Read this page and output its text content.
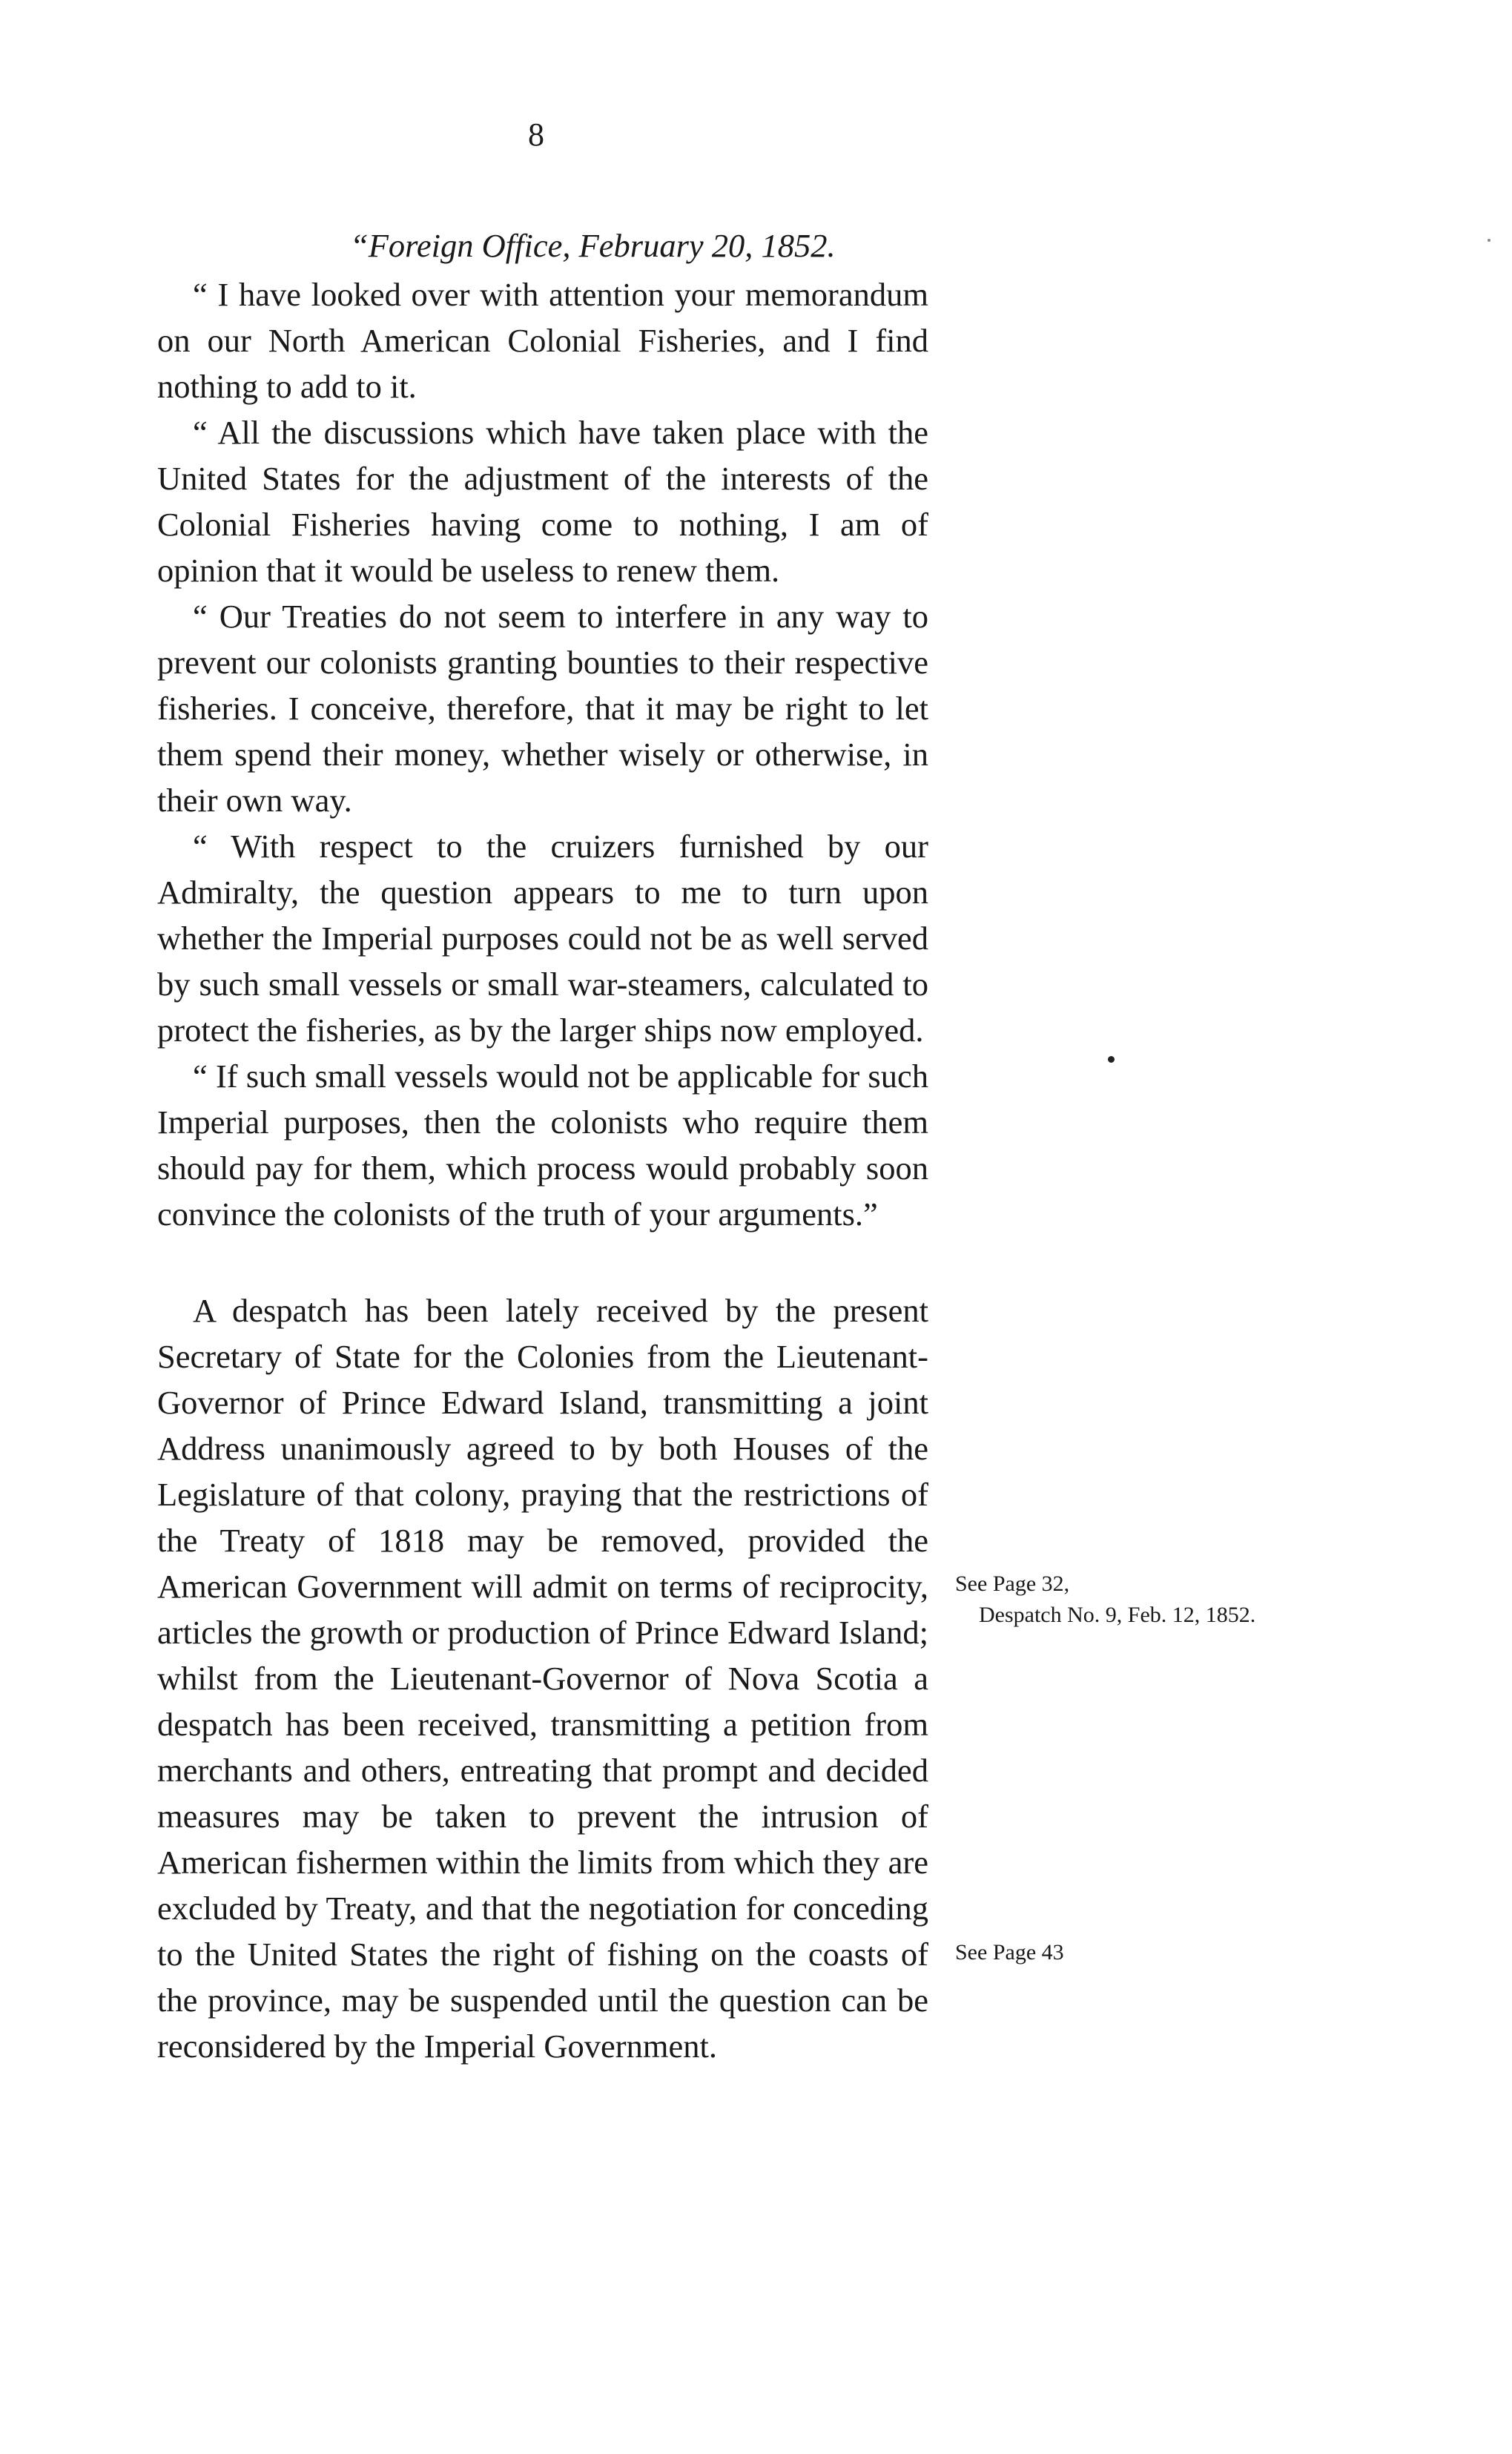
8

“Foreign Office, February 20, 1852.

“ I have looked over with attention your memorandum on our North American Colonial Fisheries, and I find nothing to add to it.

“ All the discussions which have taken place with the United States for the adjustment of the interests of the Colonial Fisheries having come to nothing, I am of opinion that it would be useless to renew them.

“ Our Treaties do not seem to interfere in any way to prevent our colonists granting bounties to their respective fisheries. I conceive, therefore, that it may be right to let them spend their money, whether wisely or otherwise, in their own way.

“ With respect to the cruizers furnished by our Admiralty, the question appears to me to turn upon whether the Imperial purposes could not be as well served by such small vessels or small war-steamers, calculated to protect the fisheries, as by the larger ships now employed.

“ If such small vessels would not be applicable for such Imperial purposes, then the colonists who require them should pay for them, which process would probably soon convince the colonists of the truth of your arguments.”

A despatch has been lately received by the present Secretary of State for the Colonies from the Lieutenant-Governor of Prince Edward Island, transmitting a joint Address unanimously agreed to by both Houses of the Legislature of that colony, praying that the restrictions of the Treaty of 1818 may be removed, provided the American Government will admit on terms of reciprocity, articles the growth or production of Prince Edward Island; whilst from the Lieutenant-Governor of Nova Scotia a despatch has been received, transmitting a petition from merchants and others, entreating that prompt and decided measures may be taken to prevent the intrusion of American fishermen within the limits from which they are excluded by Treaty, and that the negotiation for conceding to the United States the right of fishing on the coasts of the province, may be suspended until the question can be reconsidered by the Imperial Government.

See Page 32,
Despatch No. 9, Feb. 12, 1852.
See Page 43
